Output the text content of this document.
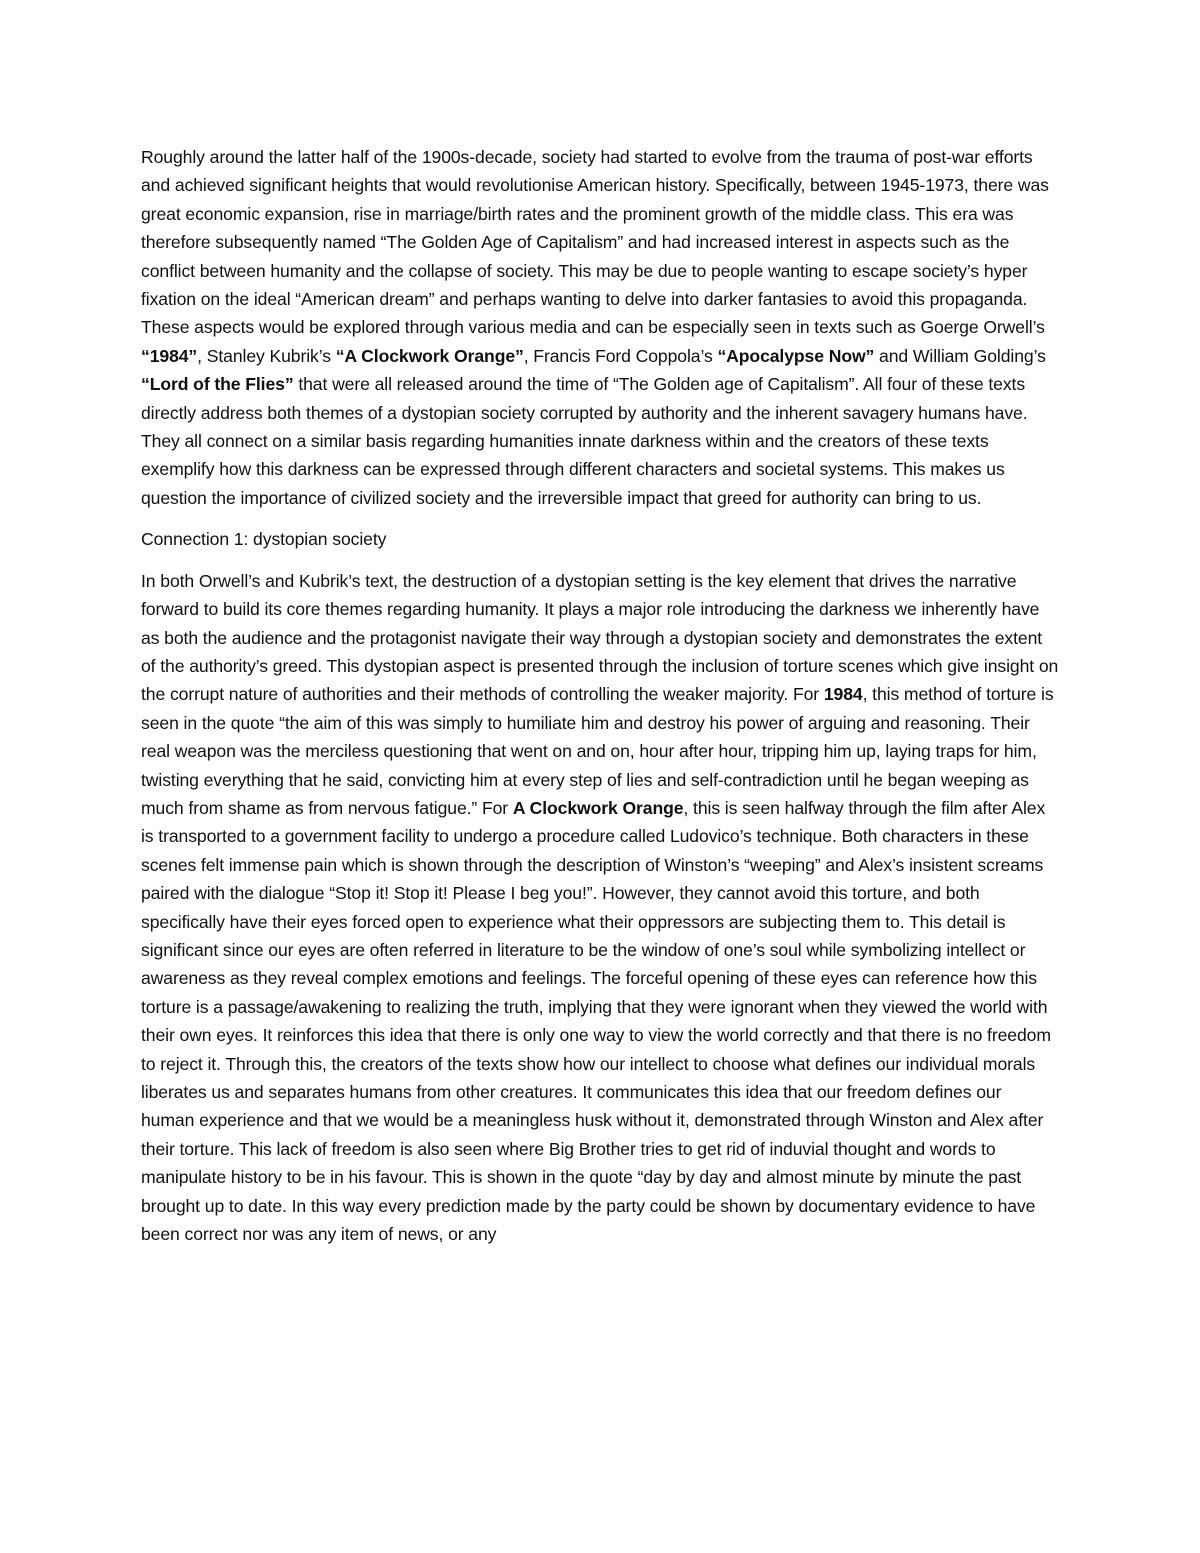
Roughly around the latter half of the 1900s-decade, society had started to evolve from the trauma of post-war efforts and achieved significant heights that would revolutionise American history. Specifically, between 1945-1973, there was great economic expansion, rise in marriage/birth rates and the prominent growth of the middle class. This era was therefore subsequently named “The Golden Age of Capitalism” and had increased interest in aspects such as the conflict between humanity and the collapse of society. This may be due to people wanting to escape society’s hyper fixation on the ideal “American dream” and perhaps wanting to delve into darker fantasies to avoid this propaganda. These aspects would be explored through various media and can be especially seen in texts such as Goerge Orwell’s “1984”, Stanley Kubrik’s “A Clockwork Orange”, Francis Ford Coppola’s “Apocalypse Now” and William Golding’s “Lord of the Flies” that were all released around the time of “The Golden age of Capitalism”. All four of these texts directly address both themes of a dystopian society corrupted by authority and the inherent savagery humans have. They all connect on a similar basis regarding humanities innate darkness within and the creators of these texts exemplify how this darkness can be expressed through different characters and societal systems. This makes us question the importance of civilized society and the irreversible impact that greed for authority can bring to us.

Connection 1: dystopian society

In both Orwell’s and Kubrik’s text, the destruction of a dystopian setting is the key element that drives the narrative forward to build its core themes regarding humanity. It plays a major role introducing the darkness we inherently have as both the audience and the protagonist navigate their way through a dystopian society and demonstrates the extent of the authority’s greed. This dystopian aspect is presented through the inclusion of torture scenes which give insight on the corrupt nature of authorities and their methods of controlling the weaker majority. For 1984, this method of torture is seen in the quote “the aim of this was simply to humiliate him and destroy his power of arguing and reasoning. Their real weapon was the merciless questioning that went on and on, hour after hour, tripping him up, laying traps for him, twisting everything that he said, convicting him at every step of lies and self-contradiction until he began weeping as much from shame as from nervous fatigue.” For A Clockwork Orange, this is seen halfway through the film after Alex is transported to a government facility to undergo a procedure called Ludovico’s technique. Both characters in these scenes felt immense pain which is shown through the description of Winston’s “weeping” and Alex’s insistent screams paired with the dialogue “Stop it! Stop it! Please I beg you!”. However, they cannot avoid this torture, and both specifically have their eyes forced open to experience what their oppressors are subjecting them to. This detail is significant since our eyes are often referred in literature to be the window of one’s soul while symbolizing intellect or awareness as they reveal complex emotions and feelings. The forceful opening of these eyes can reference how this torture is a passage/awakening to realizing the truth, implying that they were ignorant when they viewed the world with their own eyes. It reinforces this idea that there is only one way to view the world correctly and that there is no freedom to reject it. Through this, the creators of the texts show how our intellect to choose what defines our individual morals liberates us and separates humans from other creatures. It communicates this idea that our freedom defines our human experience and that we would be a meaningless husk without it, demonstrated through Winston and Alex after their torture. This lack of freedom is also seen where Big Brother tries to get rid of induvial thought and words to manipulate history to be in his favour. This is shown in the quote “day by day and almost minute by minute the past brought up to date. In this way every prediction made by the party could be shown by documentary evidence to have been correct nor was any item of news, or any
